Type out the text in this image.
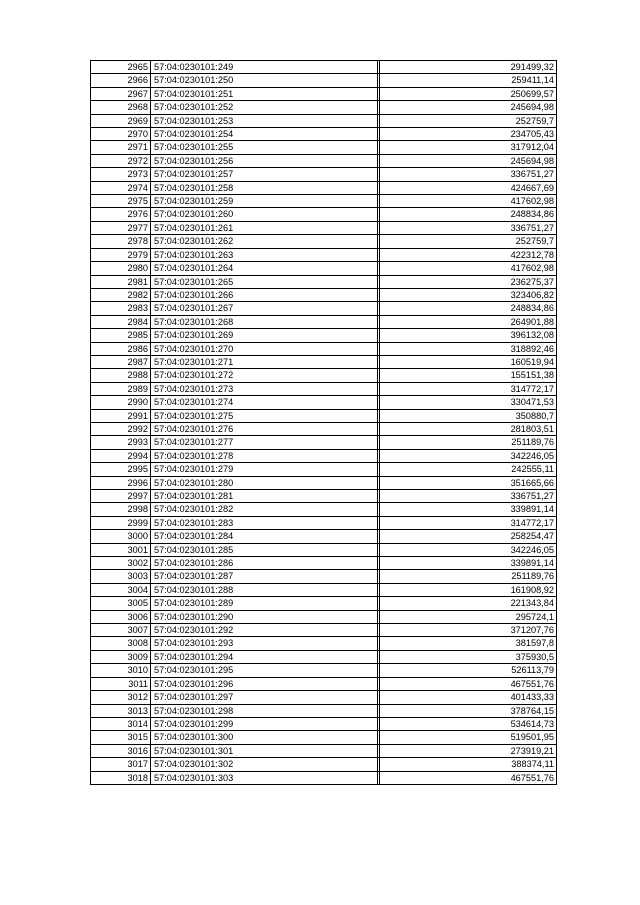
2965	57:04:0230101:249		291499,32
2966	57:04:0230101:250		259411,14
2967	57:04:0230101:251		250699,57
2968	57:04:0230101:252		245694,98
2969	57:04:0230101:253		252759,7
2970	57:04:0230101:254		234705,43
2971	57:04:0230101:255		317912,04
2972	57:04:0230101:256		245694,98
2973	57:04:0230101:257		336751,27
2974	57:04:0230101:258		424667,69
2975	57:04:0230101:259		417602,98
2976	57:04:0230101:260		248834,86
2977	57:04:0230101:261		336751,27
2978	57:04:0230101:262		252759,7
2979	57:04:0230101:263		422312,78
2980	57:04:0230101:264		417602,98
2981	57:04:0230101:265		236275,37
2982	57:04:0230101:266		323406,82
2983	57:04:0230101:267		248834,86
2984	57:04:0230101:268		264901,88
2985	57:04:0230101:269		396132,08
2986	57:04:0230101:270		318892,46
2987	57:04:0230101:271		160519,94
2988	57:04:0230101:272		155151,38
2989	57:04:0230101:273		314772,17
2990	57:04:0230101:274		330471,53
2991	57:04:0230101:275		350880,7
2992	57:04:0230101:276		281803,51
2993	57:04:0230101:277		251189,76
2994	57:04:0230101:278		342246,05
2995	57:04:0230101:279		242555,11
2996	57:04:0230101:280		351665,66
2997	57:04:0230101:281		336751,27
2998	57:04:0230101:282		339891,14
2999	57:04:0230101:283		314772,17
3000	57:04:0230101:284		258254,47
3001	57:04:0230101:285		342246,05
3002	57:04:0230101:286		339891,14
3003	57:04:0230101:287		251189,76
3004	57:04:0230101:288		161908,92
3005	57:04:0230101:289		221343,84
3006	57:04:0230101:290		295724,1
3007	57:04:0230101:292		371207,76
3008	57:04:0230101:293		381597,8
3009	57:04:0230101:294		375930,5
3010	57:04:0230101:295		526113,79
3011	57:04:0230101:296		467551,76
3012	57:04:0230101:297		401433,33
3013	57:04:0230101:298		378764,15
3014	57:04:0230101:299		534614,73
3015	57:04:0230101:300		519501,95
3016	57:04:0230101:301		273919,21
3017	57:04:0230101:302		388374,11
3018	57:04:0230101:303		467551,76
